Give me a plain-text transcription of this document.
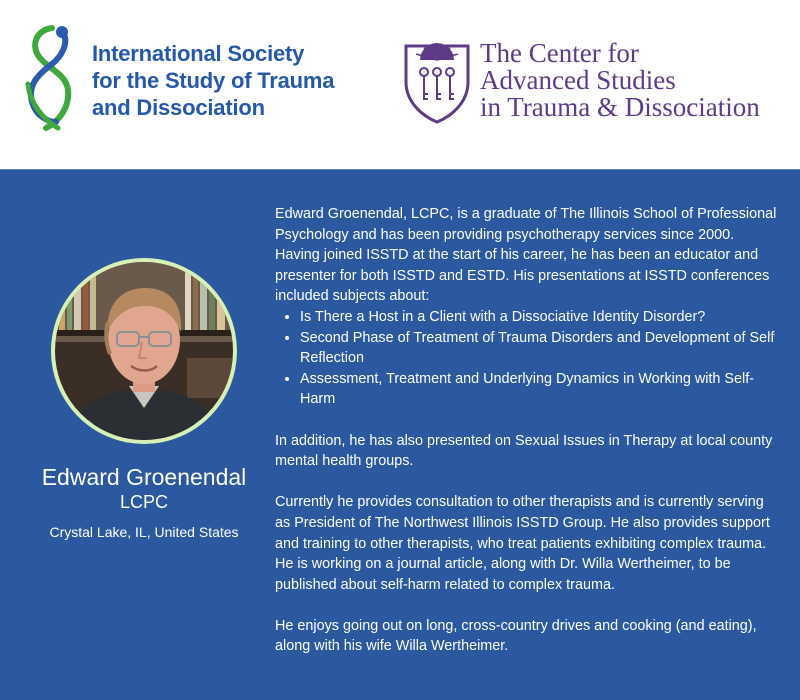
International Society
for the Study of Trauma
and Dissociation
The Center for
Advanced Studies
in Trauma & Dissociation
Edward Groenendal
LCPC
Crystal Lake, IL, United States

Edward Groenendal, LCPC, is a graduate of The Illinois School of Professional Psychology and has been providing psychotherapy services since 2000. Having joined ISSTD at the start of his career, he has been an educator and presenter for both ISSTD and ESTD. His presentations at ISSTD conferences included subjects about:

• Is There a Host in a Client with a Dissociative Identity Disorder?
• Second Phase of Treatment of Trauma Disorders and Development of Self Reflection
• Assessment, Treatment and Underlying Dynamics in Working with Self-Harm

In addition, he has also presented on Sexual Issues in Therapy at local county mental health groups.

Currently he provides consultation to other therapists and is currently serving as President of The Northwest Illinois ISSTD Group. He also provides support and training to other therapists, who treat patients exhibiting complex trauma. He is working on a journal article, along with Dr. Willa Wertheimer, to be published about self-harm related to complex trauma.

He enjoys going out on long, cross-country drives and cooking (and eating), along with his wife Willa Wertheimer.
